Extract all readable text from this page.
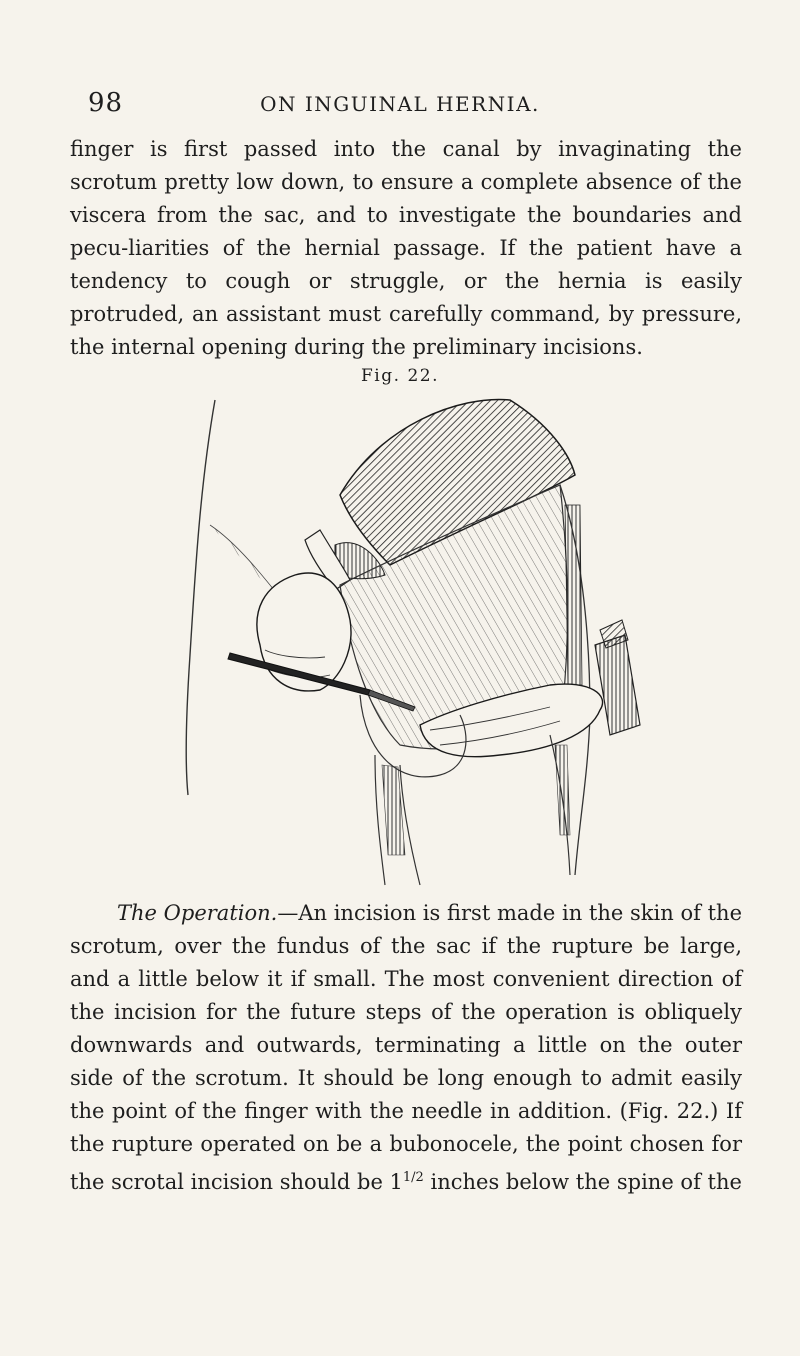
98	ON INGUINAL HERNIA.

finger is first passed into the canal by invaginating the scrotum pretty low down, to ensure a complete absence of the viscera from the sac, and to investigate the boundaries and pecu-liarities of the hernial passage. If the patient have a tendency to cough or struggle, or the hernia is easily protruded, an assistant must carefully command, by pressure, the internal opening during the preliminary incisions.

Fig. 22.

The Operation.—An incision is first made in the skin of the scrotum, over the fundus of the sac if the rupture be large, and a little below it if small. The most convenient direction of the incision for the future steps of the operation is obliquely downwards and outwards, terminating a little on the outer side of the scrotum. It should be long enough to admit easily the point of the finger with the needle in addition. (Fig. 22.) If the rupture operated on be a bubonocele, the point chosen for the scrotal incision should be $1^{1/2}$ inches below the spine of the
